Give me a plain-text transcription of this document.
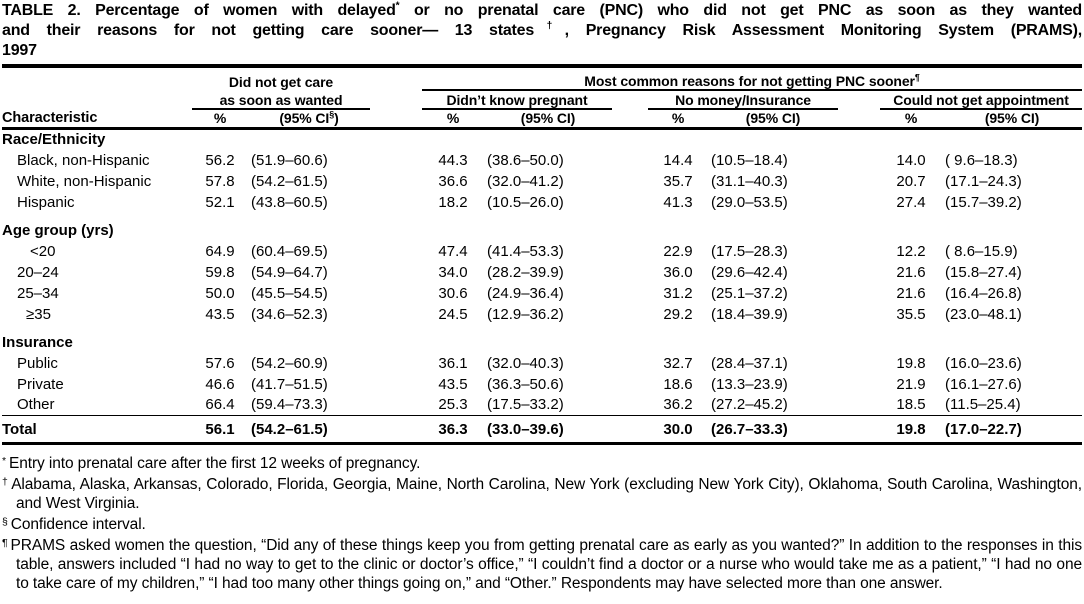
TABLE 2. Percentage of women with delayed* or no prenatal care (PNC) who did not get PNC as soon as they wanted
and their reasons for not getting care sooner— 13 states†, Pregnancy Risk Assessment Monitoring System (PRAMS),
1997
	Did not get care			Most common reasons for not getting PNC sooner¶
	as soon as wanted			Didn’t know pregnant			No money/Insurance			Could not get appointment	
Characteristic	%	(95% CI§)		%	(95% CI)		%	(95% CI)		%	(95% CI)
Race/Ethnicity											
Black, non-Hispanic	56.2	(51.9–60.6)		44.3	(38.6–50.0)		14.4	(10.5–18.4)		14.0	( 9.6–18.3)
White, non-Hispanic	57.8	(54.2–61.5)		36.6	(32.0–41.2)		35.7	(31.1–40.3)		20.7	(17.1–24.3)
Hispanic	52.1	(43.8–60.5)		18.2	(10.5–26.0)		41.3	(29.0–53.5)		27.4	(15.7–39.2)
Age group (yrs)											
<20	64.9	(60.4–69.5)		47.4	(41.4–53.3)		22.9	(17.5–28.3)		12.2	( 8.6–15.9)
20–24	59.8	(54.9–64.7)		34.0	(28.2–39.9)		36.0	(29.6–42.4)		21.6	(15.8–27.4)
25–34	50.0	(45.5–54.5)		30.6	(24.9–36.4)		31.2	(25.1–37.2)		21.6	(16.4–26.8)
≥35	43.5	(34.6–52.3)		24.5	(12.9–36.2)		29.2	(18.4–39.9)		35.5	(23.0–48.1)
Insurance											
Public	57.6	(54.2–60.9)		36.1	(32.0–40.3)		32.7	(28.4–37.1)		19.8	(16.0–23.6)
Private	46.6	(41.7–51.5)		43.5	(36.3–50.6)		18.6	(13.3–23.9)		21.9	(16.1–27.6)
Other	66.4	(59.4–73.3)		25.3	(17.5–33.2)		36.2	(27.2–45.2)		18.5	(11.5–25.4)
Total	56.1	(54.2–61.5)		36.3	(33.0–39.6)		30.0	(26.7–33.3)		19.8	(17.0–22.7)
* Entry into prenatal care after the first 12 weeks of pregnancy.
† Alabama, Alaska, Arkansas, Colorado, Florida, Georgia, Maine, North Carolina, New York (excluding New York City), Oklahoma, South Carolina, Washington, and West Virginia.
§ Confidence interval.
¶ PRAMS asked women the question, “Did any of these things keep you from getting prenatal care as early as you wanted?” In addition to the responses in this table, answers included “I had no way to get to the clinic or doctor’s office,” “I couldn’t find a doctor or a nurse who would take me as a patient,” “I had no one to take care of my children,” “I had too many other things going on,” and “Other.” Respondents may have selected more than one answer.
